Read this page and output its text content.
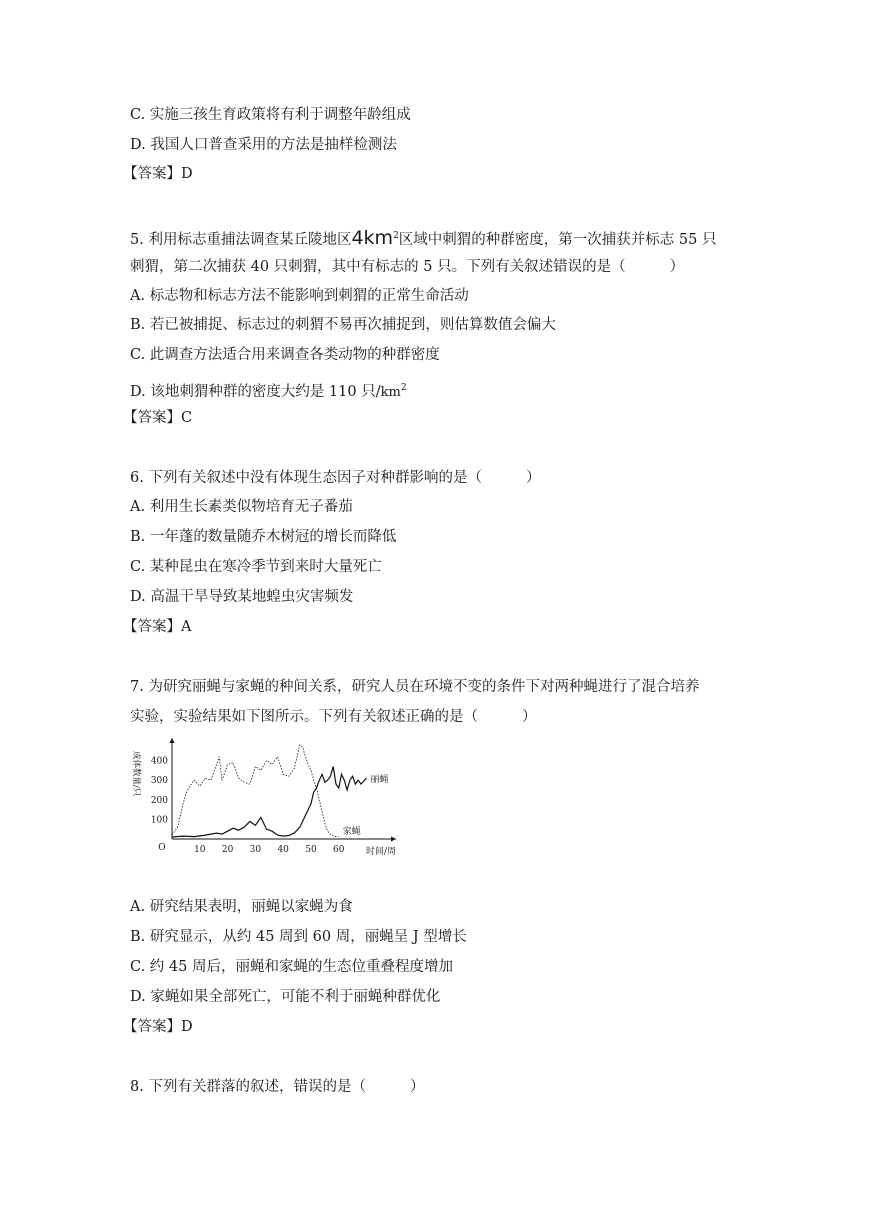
C. 实施三孩生育政策将有利于调整年龄组成
D. 我国人口普查采用的方法是抽样检测法
【答案】D
5. 利用标志重捕法调查某丘陵地区$4km^2$区域中刺猬的种群密度，第一次捕获并标志 55 只
刺猬，第二次捕获 40 只刺猬，其中有标志的 5 只。下列有关叙述错误的是（	）
A. 标志物和标志方法不能影响到刺猬的正常生命活动
B. 若已被捕捉、标志过的刺猬不易再次捕捉到，则估算数值会偏大
C. 此调查方法适合用来调查各类动物的种群密度
D. 该地刺猬种群的密度大约是 110 只$/km^2$
【答案】C
6. 下列有关叙述中没有体现生态因子对种群影响的是（	）
A. 利用生长素类似物培育无子番茄
B. 一年蓬的数量随乔木树冠的增长而降低
C. 某种昆虫在寒冷季节到来时大量死亡
D. 高温干旱导致某地蝗虫灾害频发
【答案】A
7. 为研究丽蝇与家蝇的种间关系，研究人员在环境不变的条件下对两种蝇进行了混合培养
实验，实验结果如下图所示。下列有关叙述正确的是（	）
10 20 30 40 50 60
100
200
300
400
O
家蝇
丽蝇
成体数量/只
时间/周
A. 研究结果表明，丽蝇以家蝇为食
B. 研究显示，从约 45 周到 60 周，丽蝇呈 J 型增长
C. 约 45 周后，丽蝇和家蝇的生态位重叠程度增加
D. 家蝇如果全部死亡，可能不利于丽蝇种群优化
【答案】D
8. 下列有关群落的叙述，错误的是（	）
